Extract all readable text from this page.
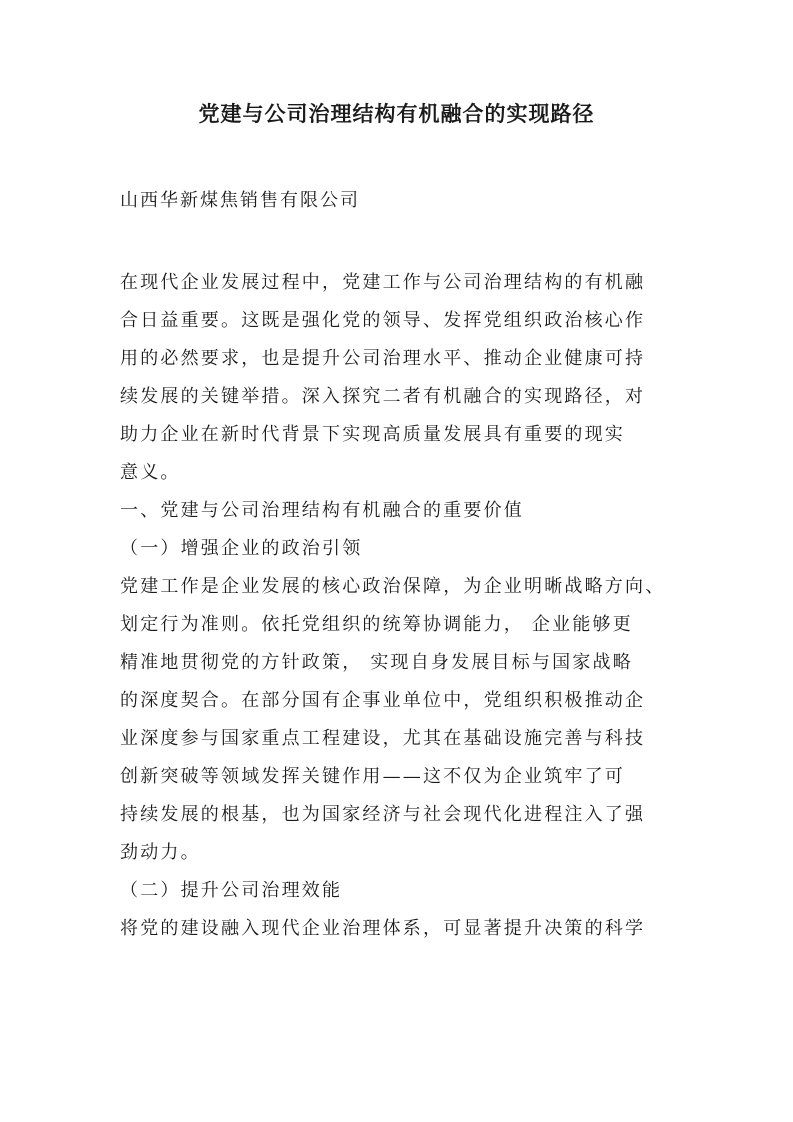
党建与公司治理结构有机融合的实现路径

山西华新煤焦销售有限公司

在现代企业发展过程中，党建工作与公司治理结构的有机融
合日益重要。这既是强化党的领导、发挥党组织政治核心作
用的必然要求，也是提升公司治理水平、推动企业健康可持
续发展的关键举措。深入探究二者有机融合的实现路径，对
助力企业在新时代背景下实现高质量发展具有重要的现实
意义。
一、党建与公司治理结构有机融合的重要价值
（一）增强企业的政治引领
党建工作是企业发展的核心政治保障，为企业明晰战略方向、
划定行为准则。依托党组织的统筹协调能力， 企业能够更
精准地贯彻党的方针政策， 实现自身发展目标与国家战略
的深度契合。在部分国有企事业单位中，党组织积极推动企
业深度参与国家重点工程建设，尤其在基础设施完善与科技
创新突破等领域发挥关键作用——这不仅为企业筑牢了可
持续发展的根基，也为国家经济与社会现代化进程注入了强
劲动力。
（二）提升公司治理效能
将党的建设融入现代企业治理体系，可显著提升决策的科学
